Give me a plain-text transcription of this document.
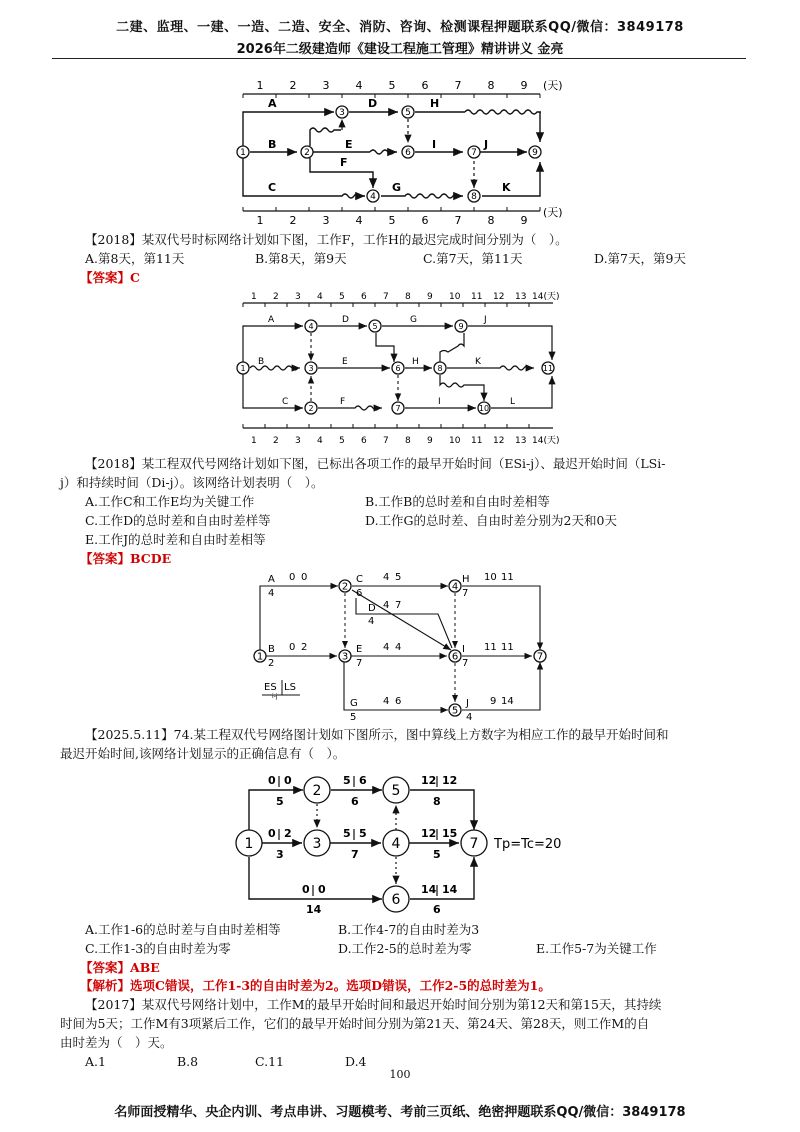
二建、监理、一建、一造、二造、安全、消防、咨询、检测课程押题联系QQ/微信：3849178
2026年二级建造师《建设工程施工管理》精讲讲义 金亮
1 2 3 4 5 6 7 8 9 (天)
1 2 3 4 5 6 7 8 9
(天)
1	2
3
4
5
6	7
8
9
A
B
C
D
E
F
G
H
I	J
K
【2018】某双代号时标网络计划如下图，工作F，工作H的最迟完成时间分别为（　）。
A.第8天，第11天	B.第8天，第9天	C.第7天，第11天	D.第7天，第9天
【答案】C
1 2 3 4 5 6 7 8 9 10 11 12 13 14(天)
1 2 3 4 5 6 7 8 9 10 11 12 13 14(天)
1
2
3
4	5
6
7
8
9
10
11
A
B
C
D
E
F
G
H
I
J
K
L
【2018】某工程双代号网络计划如下图，已标出各项工作的最早开始时间（ESi-j）、最迟开始时间（LSi-
j）和持续时间（Di-j）。该网络计划表明（　）。
A.工作C和工作E均为关键工作	B.工作B的总时差和自由时差相等
C.工作D的总时差和自由时差样等	D.工作G的总时差、自由时差分别为2天和0天
E.工作J的总时差和自由时差相等
【答案】BCDE
1
2
3
4
5
6	7
A 0 0
4
B 0 2
2
C 4 5
6
D 4 7
4
E 4 4
7
G	4 6
5
H 10 11
7
I 11 11
7
J 9 14
4
ES LS
i-j
【2025.5.11】74.某工程双代号网络图计划如下图所示，图中算线上方数字为相应工作的最早开始时间和
最迟开始时间,该网络计划显示的正确信息有（　）。
1
2
3	4
5
6
7
0 0
5
5 6
6
12 12
8
0 2
3
5 5
7
12 15
5
0 0
14
14 14
6
Tp=Tc=20
A.工作1-6的总时差与自由时差相等	B.工作4-7的自由时差为3
C.工作1-3的自由时差为零	D.工作2-5的总时差为零	E.工作5-7为关键工作
【答案】ABE
【解析】选项C错误，工作1-3的自由时差为2。选项D错误，工作2-5的总时差为1。
【2017】某双代号网络计划中，工作M的最早开始时间和最迟开始时间分别为第12天和第15天，其持续
时间为5天；工作M有3项紧后工作，它们的最早开始时间分别为第21天、第24天、第28天，则工作M的自
由时差为（　）天。
A.1	B.8	C.11	D.4
100
名师面授精华、央企内训、考点串讲、习题模考、考前三页纸、绝密押题联系QQ/微信：3849178
